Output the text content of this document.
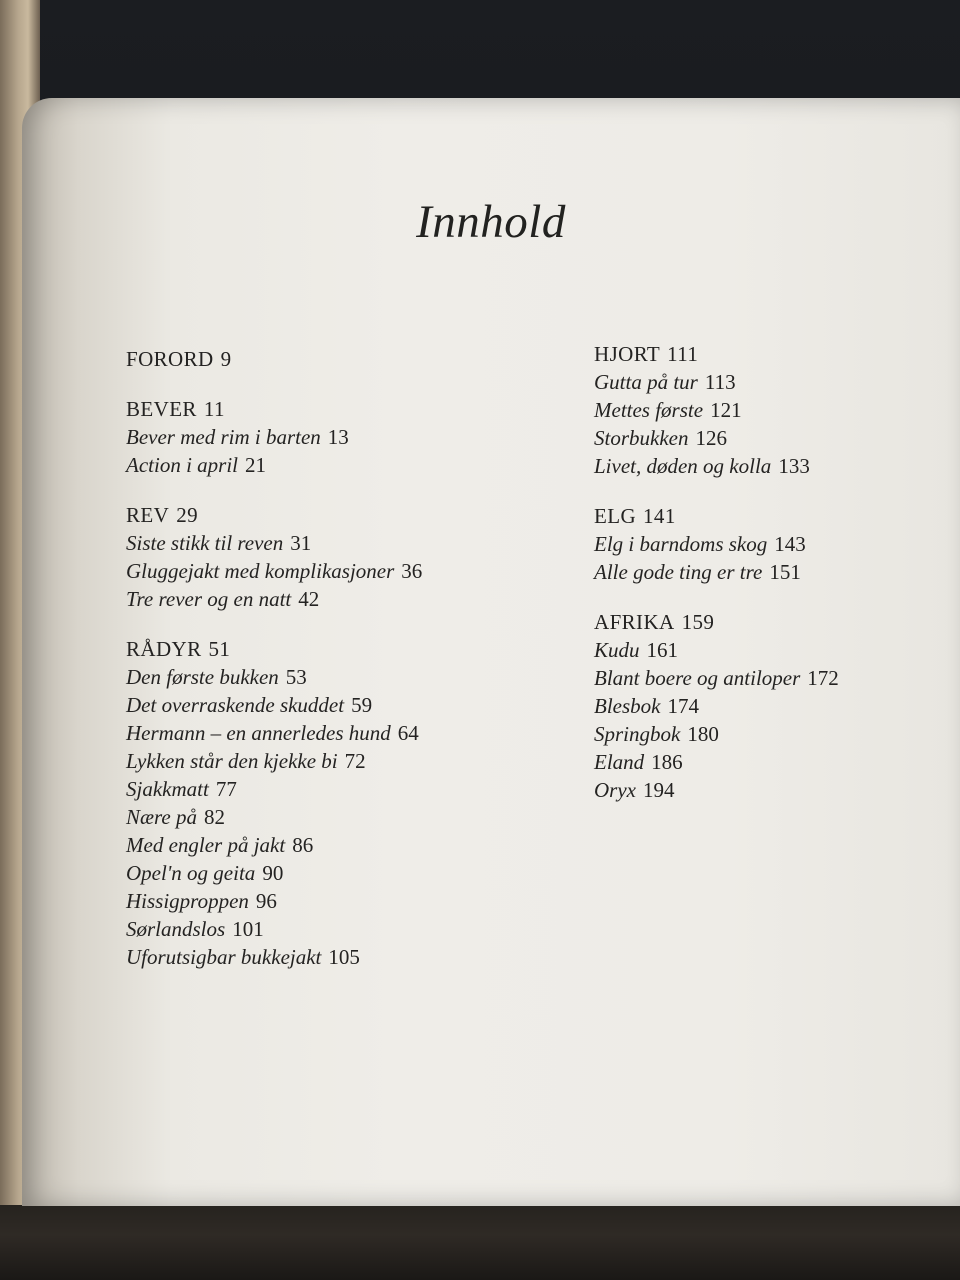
Innhold
FORORD 9
BEVER 11
Bever med rim i barten 13
Action i april 21
REV 29
Siste stikk til reven 31
Gluggejakt med komplikasjoner 36
Tre rever og en natt 42
RÅDYR 51
Den første bukken 53
Det overraskende skuddet 59
Hermann – en annerledes hund 64
Lykken står den kjekke bi 72
Sjakkmatt 77
Nære på 82
Med engler på jakt 86
Opel'n og geita 90
Hissigproppen 96
Sørlandslos 101
Uforutsigbar bukkejakt 105
HJORT 111
Gutta på tur 113
Mettes første 121
Storbukken 126
Livet, døden og kolla 133
ELG 141
Elg i barndoms skog 143
Alle gode ting er tre 151
AFRIKA 159
Kudu 161
Blant boere og antiloper 172
Blesbok 174
Springbok 180
Eland 186
Oryx 194
